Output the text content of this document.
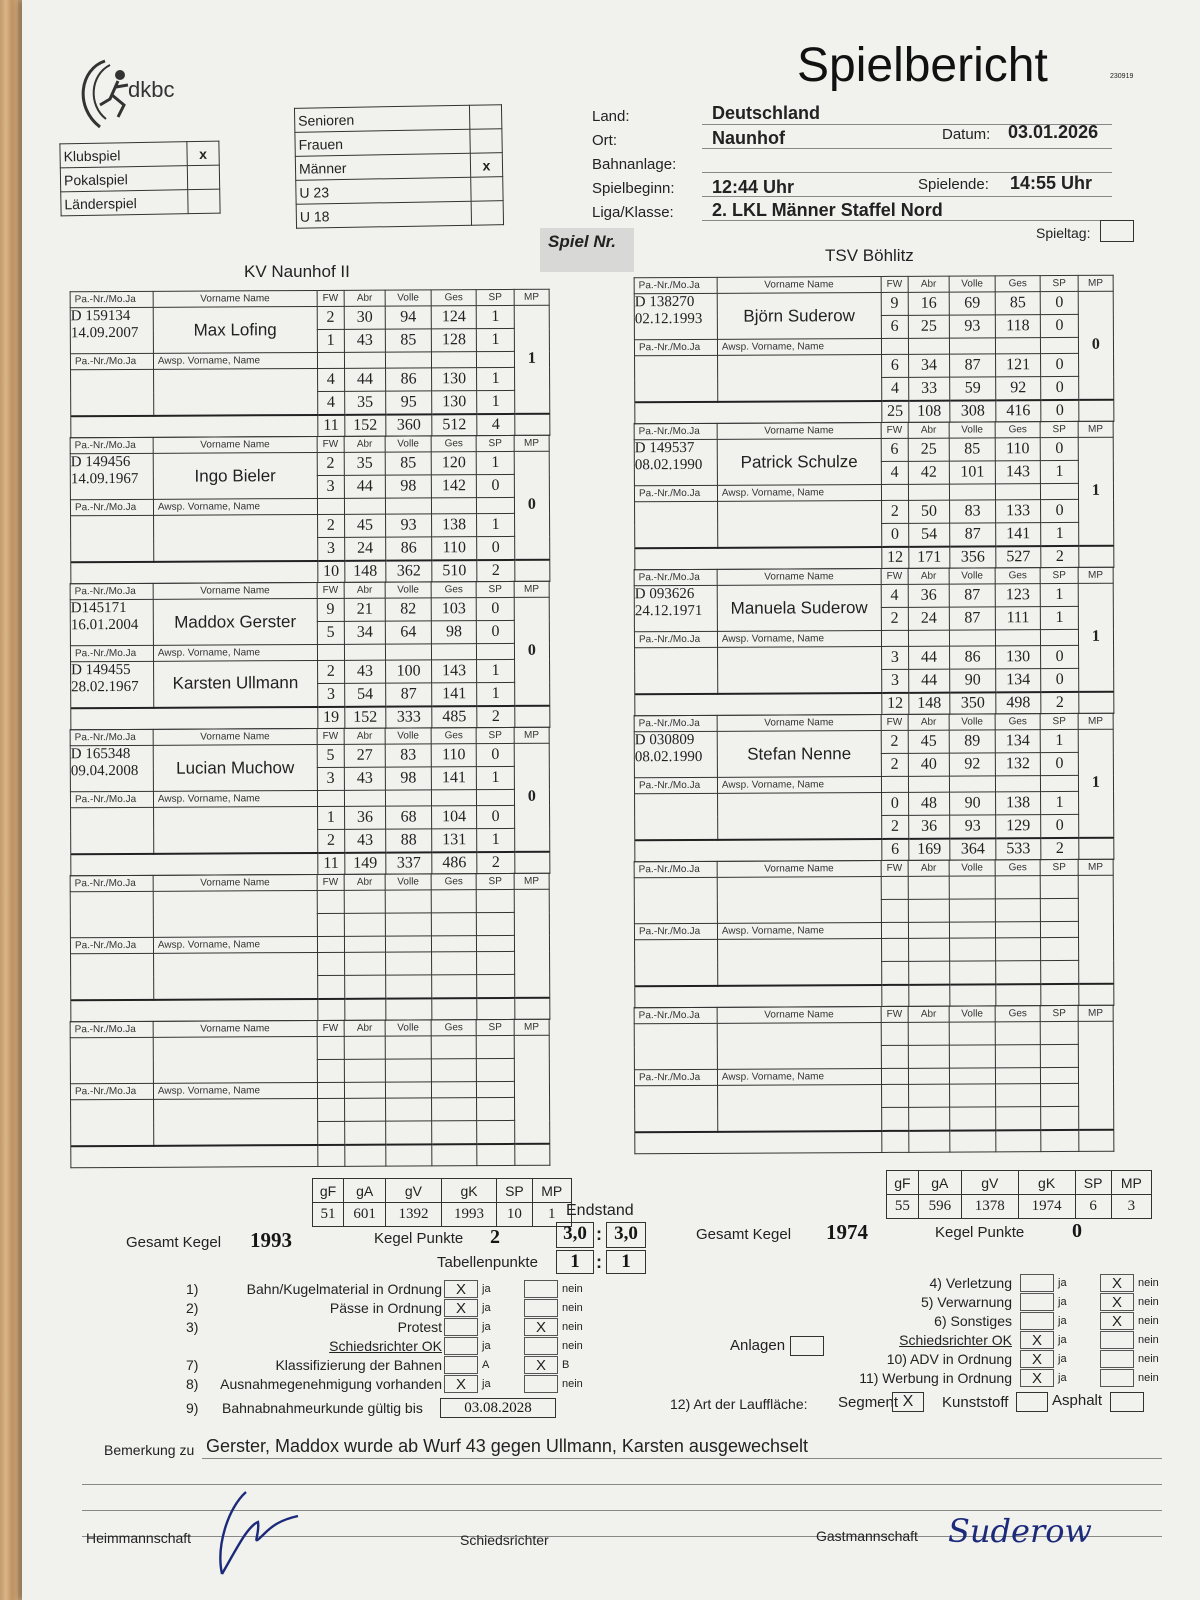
dkbc	Spielbericht	230919
Klubspiel	x
Pokalspiel	
Länderspiel	
Senioren	
Frauen	
Männer	x
U 23	
U 18	
Land:	Deutschland
Ort:	Naunhof	Datum: 03.01.2026
Bahnanlage:
Spielbeginn: 12:44 Uhr	Spielende: 14:55 Uhr
Liga/Klasse: 2. LKL Männer Staffel Nord
Spieltag:
Spiel Nr.
KV Naunhof II
TSV Böhlitz
Pa.-Nr./Mo.Ja	Vorname Name	FW	Abr	Volle	Ges	SP	MP

D 159134
14.09.2007	Max Lofing	2	30	94	124	1	1
		1	43	85	128	1	
Pa.-Nr./Mo.Ja	Awsp. Vorname, Name						

		4	44	86	130	1	
		4	35	95	130	1	
		11	152	360	512	4	
Pa.-Nr./Mo.Ja	Vorname Name	FW	Abr	Volle	Ges	SP	MP

D 149456
14.09.1967	Ingo Bieler	2	35	85	120	1	0
		3	44	98	142	0	
Pa.-Nr./Mo.Ja	Awsp. Vorname, Name						

		2	45	93	138	1	
		3	24	86	110	0	
		10	148	362	510	2	
Pa.-Nr./Mo.Ja	Vorname Name	FW	Abr	Volle	Ges	SP	MP

D145171
16.01.2004	Maddox Gerster	9	21	82	103	0	0
		5	34	64	98	0	
Pa.-Nr./Mo.Ja	Awsp. Vorname, Name						

D 149455
28.02.1967	Karsten Ullmann	2	43	100	143	1	
		3	54	87	141	1	
		19	152	333	485	2	
Pa.-Nr./Mo.Ja	Vorname Name	FW	Abr	Volle	Ges	SP	MP

D 165348
09.04.2008	Lucian Muchow	5	27	83	110	0	0
		3	43	98	141	1	
Pa.-Nr./Mo.Ja	Awsp. Vorname, Name						

		1	36	68	104	0	
		2	43	88	131	1	
		11	149	337	486	2	
Pa.-Nr./Mo.Ja	Vorname Name	FW	Abr	Volle	Ges	SP	MP

Pa.-Nr./Mo.Ja	Awsp. Vorname, Name						

Pa.-Nr./Mo.Ja	Vorname Name	FW	Abr	Volle	Ges	SP	MP

Pa.-Nr./Mo.Ja	Awsp. Vorname, Name						

Pa.-Nr./Mo.Ja	Vorname Name	FW	Abr	Volle	Ges	SP	MP

D 138270
02.12.1993	Björn Suderow	9	16	69	85	0	0
		6	25	93	118	0	
Pa.-Nr./Mo.Ja	Awsp. Vorname, Name						

		6	34	87	121	0	
		4	33	59	92	0	
		25	108	308	416	0	
Pa.-Nr./Mo.Ja	Vorname Name	FW	Abr	Volle	Ges	SP	MP

D 149537
08.02.1990	Patrick Schulze	6	25	85	110	0	1
		4	42	101	143	1	
Pa.-Nr./Mo.Ja	Awsp. Vorname, Name						

		2	50	83	133	0	
		0	54	87	141	1	
		12	171	356	527	2	
Pa.-Nr./Mo.Ja	Vorname Name	FW	Abr	Volle	Ges	SP	MP

D 093626
24.12.1971	Manuela Suderow	4	36	87	123	1	1
		2	24	87	111	1	
Pa.-Nr./Mo.Ja	Awsp. Vorname, Name						

		3	44	86	130	0	
		3	44	90	134	0	
		12	148	350	498	2	
Pa.-Nr./Mo.Ja	Vorname Name	FW	Abr	Volle	Ges	SP	MP

D 030809
08.02.1990	Stefan Nenne	2	45	89	134	1	1
		2	40	92	132	0	
Pa.-Nr./Mo.Ja	Awsp. Vorname, Name						

		0	48	90	138	1	
		2	36	93	129	0	
		6	169	364	533	2	
Pa.-Nr./Mo.Ja	Vorname Name	FW	Abr	Volle	Ges	SP	MP

Pa.-Nr./Mo.Ja	Awsp. Vorname, Name						

Pa.-Nr./Mo.Ja	Vorname Name	FW	Abr	Volle	Ges	SP	MP

Pa.-Nr./Mo.Ja	Awsp. Vorname, Name						

gF	gA	gV	gK	SP	MP
51	601	1392	1993	10	1
gF	gA	gV	gK	SP	MP
55	596	1378	1974	6	3
Gesamt Kegel 1993	Kegel Punkte 2
Endstand
3,0 : 3,0
Tabellenpunkte	1 :	1
Gesamt Kegel 1974	Kegel Punkte 0
1)	Bahn/Kugelmaterial in Ordnung X	ja	nein
2)	Pässe in Ordnung X	ja	nein
3)	Protest	ja	X	nein
Schiedsrichter OK	ja	nein
7)	Klassifizierung der Bahnen	A	X	B
8) Ausnahmegenehmigung vorhanden X	ja	nein
9) Bahnabnahmeurkunde gültig bis	03.08.2028
4) Verletzung	ja	X	nein
5) Verwarnung	ja	X	nein
6) Sonstiges	ja	X	nein
Schiedsrichter OK	X	ja	nein
10) ADV in Ordnung	X	ja	nein
11) Werbung in Ordnung	X	ja	nein
Anlagen
12) Art der Lauffläche: Segment X	Kunststoff	Asphalt
Bemerkung zu Gerster, Maddox wurde ab Wurf 43 gegen Ullmann, Karsten ausgewechselt
Heimmannschaft	Schiedsrichter	Gastmannschaft Suderow
